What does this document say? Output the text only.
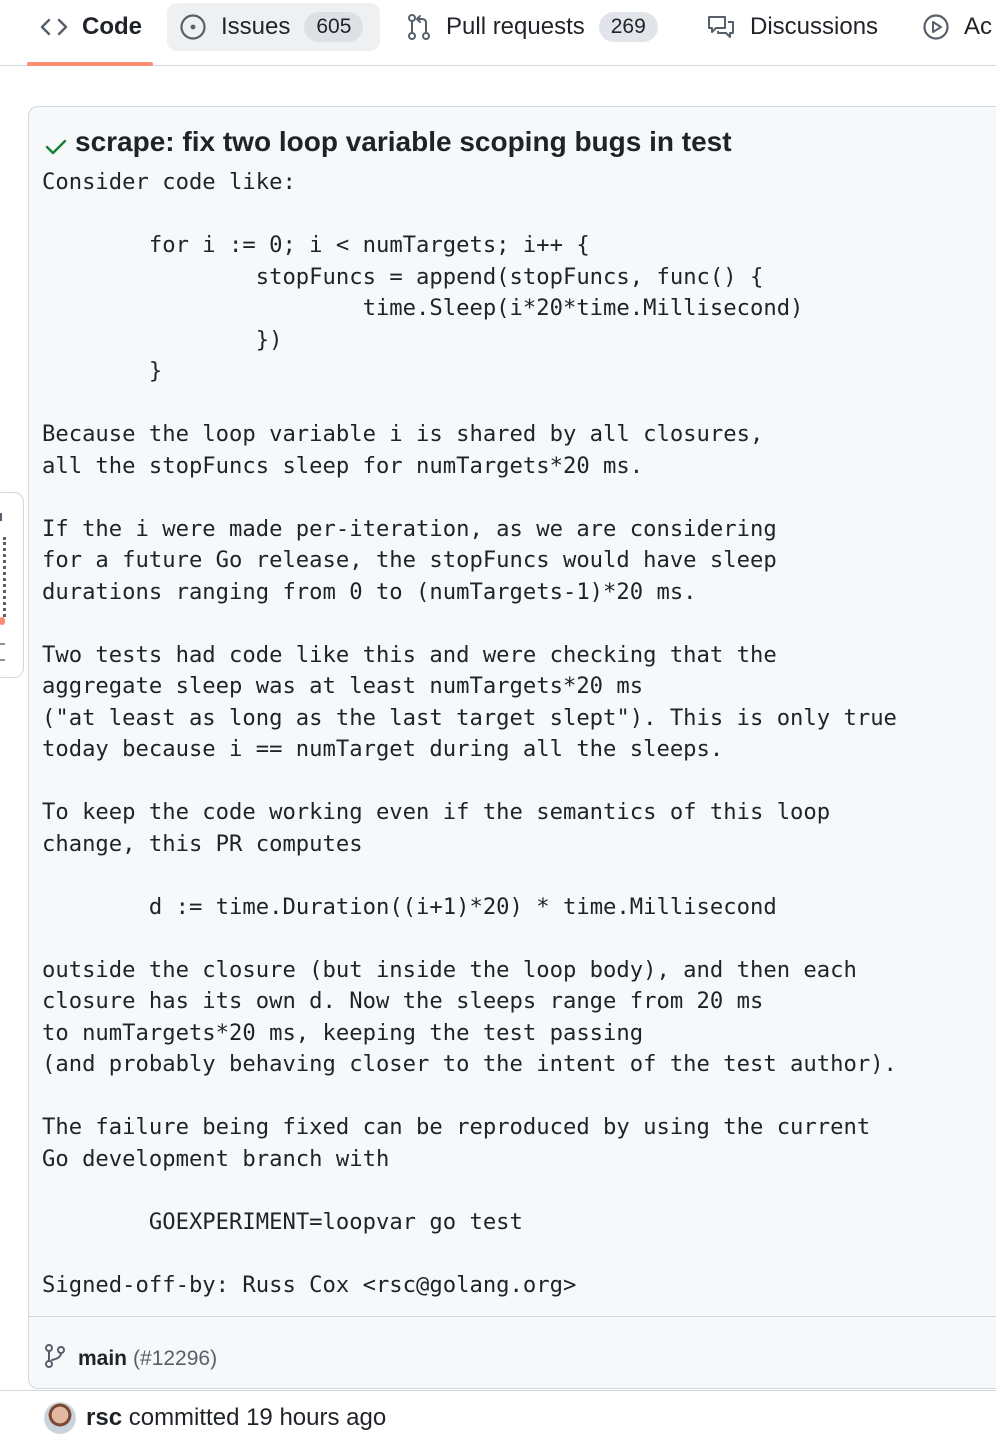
Code	Issues	605	Pull requests	269	Discussions	Ac
scrape: fix two loop variable scoping bugs in test
Consider code like:

	for i := 0; i < numTargets; i++ {
		stopFuncs = append(stopFuncs, func() {
			time.Sleep(i*20*time.Millisecond)
		})
	}

Because the loop variable i is shared by all closures,
all the stopFuncs sleep for numTargets*20 ms.

If the i were made per-iteration, as we are considering
for a future Go release, the stopFuncs would have sleep
durations ranging from 0 to (numTargets-1)*20 ms.

Two tests had code like this and were checking that the
aggregate sleep was at least numTargets*20 ms
("at least as long as the last target slept"). This is only true
today because i == numTarget during all the sleeps.

To keep the code working even if the semantics of this loop
change, this PR computes

	d := time.Duration((i+1)*20) * time.Millisecond

outside the closure (but inside the loop body), and then each
closure has its own d. Now the sleeps range from 20 ms
to numTargets*20 ms, keeping the test passing
(and probably behaving closer to the intent of the test author).

The failure being fixed can be reproduced by using the current
Go development branch with

	GOEXPERIMENT=loopvar go test

Signed-off-by: Russ Cox <rsc@golang.org>
main (#12296)
rsc committed 19 hours ago
